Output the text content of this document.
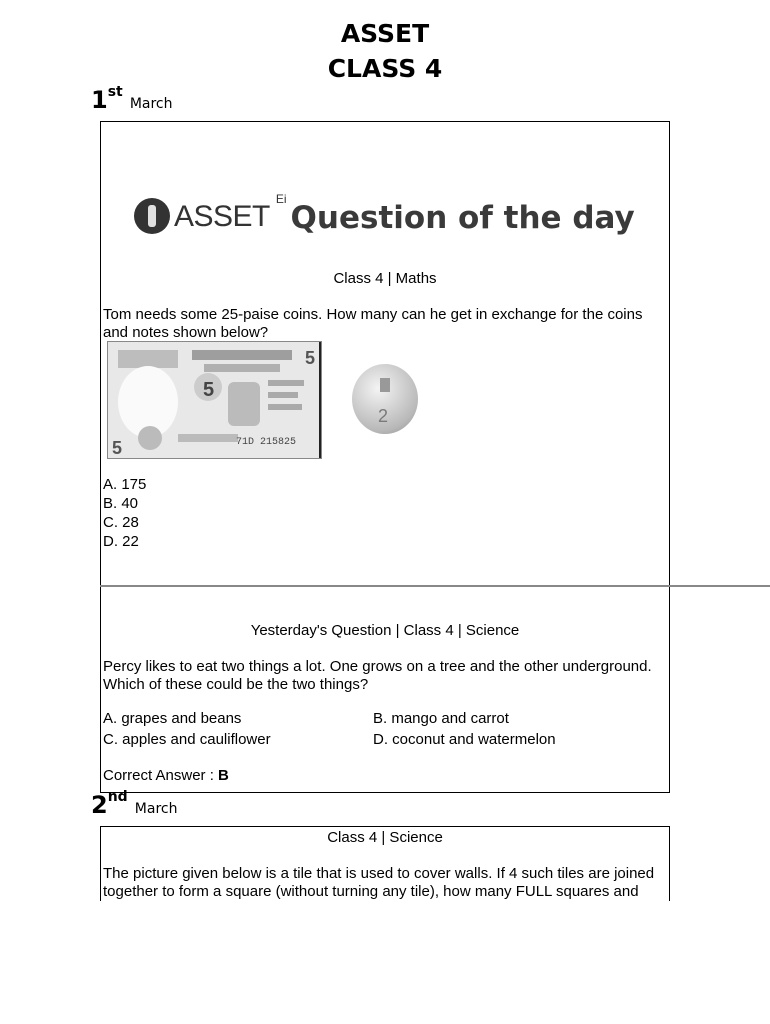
ASSET
CLASS 4
1st March
ASSET
Ei
Question of the day
Class 4 | Maths
Tom needs some 25-paise coins. How many can he get in exchange for the coins and notes shown below?
5
5
5
71D 215825
2
A. 175
B. 40
C. 28
D. 22
Yesterday's Question | Class 4 | Science
Percy likes to eat two things a lot. One grows on a tree and the other underground. Which of these could be the two things?
A. grapes and beans	B. mango and carrot
C. apples and cauliflower	D. coconut and watermelon
Correct Answer : B
2nd March
Class 4 | Science
The picture given below is a tile that is used to cover walls. If 4 such tiles are joined together to form a square (without turning any tile), how many FULL squares and
